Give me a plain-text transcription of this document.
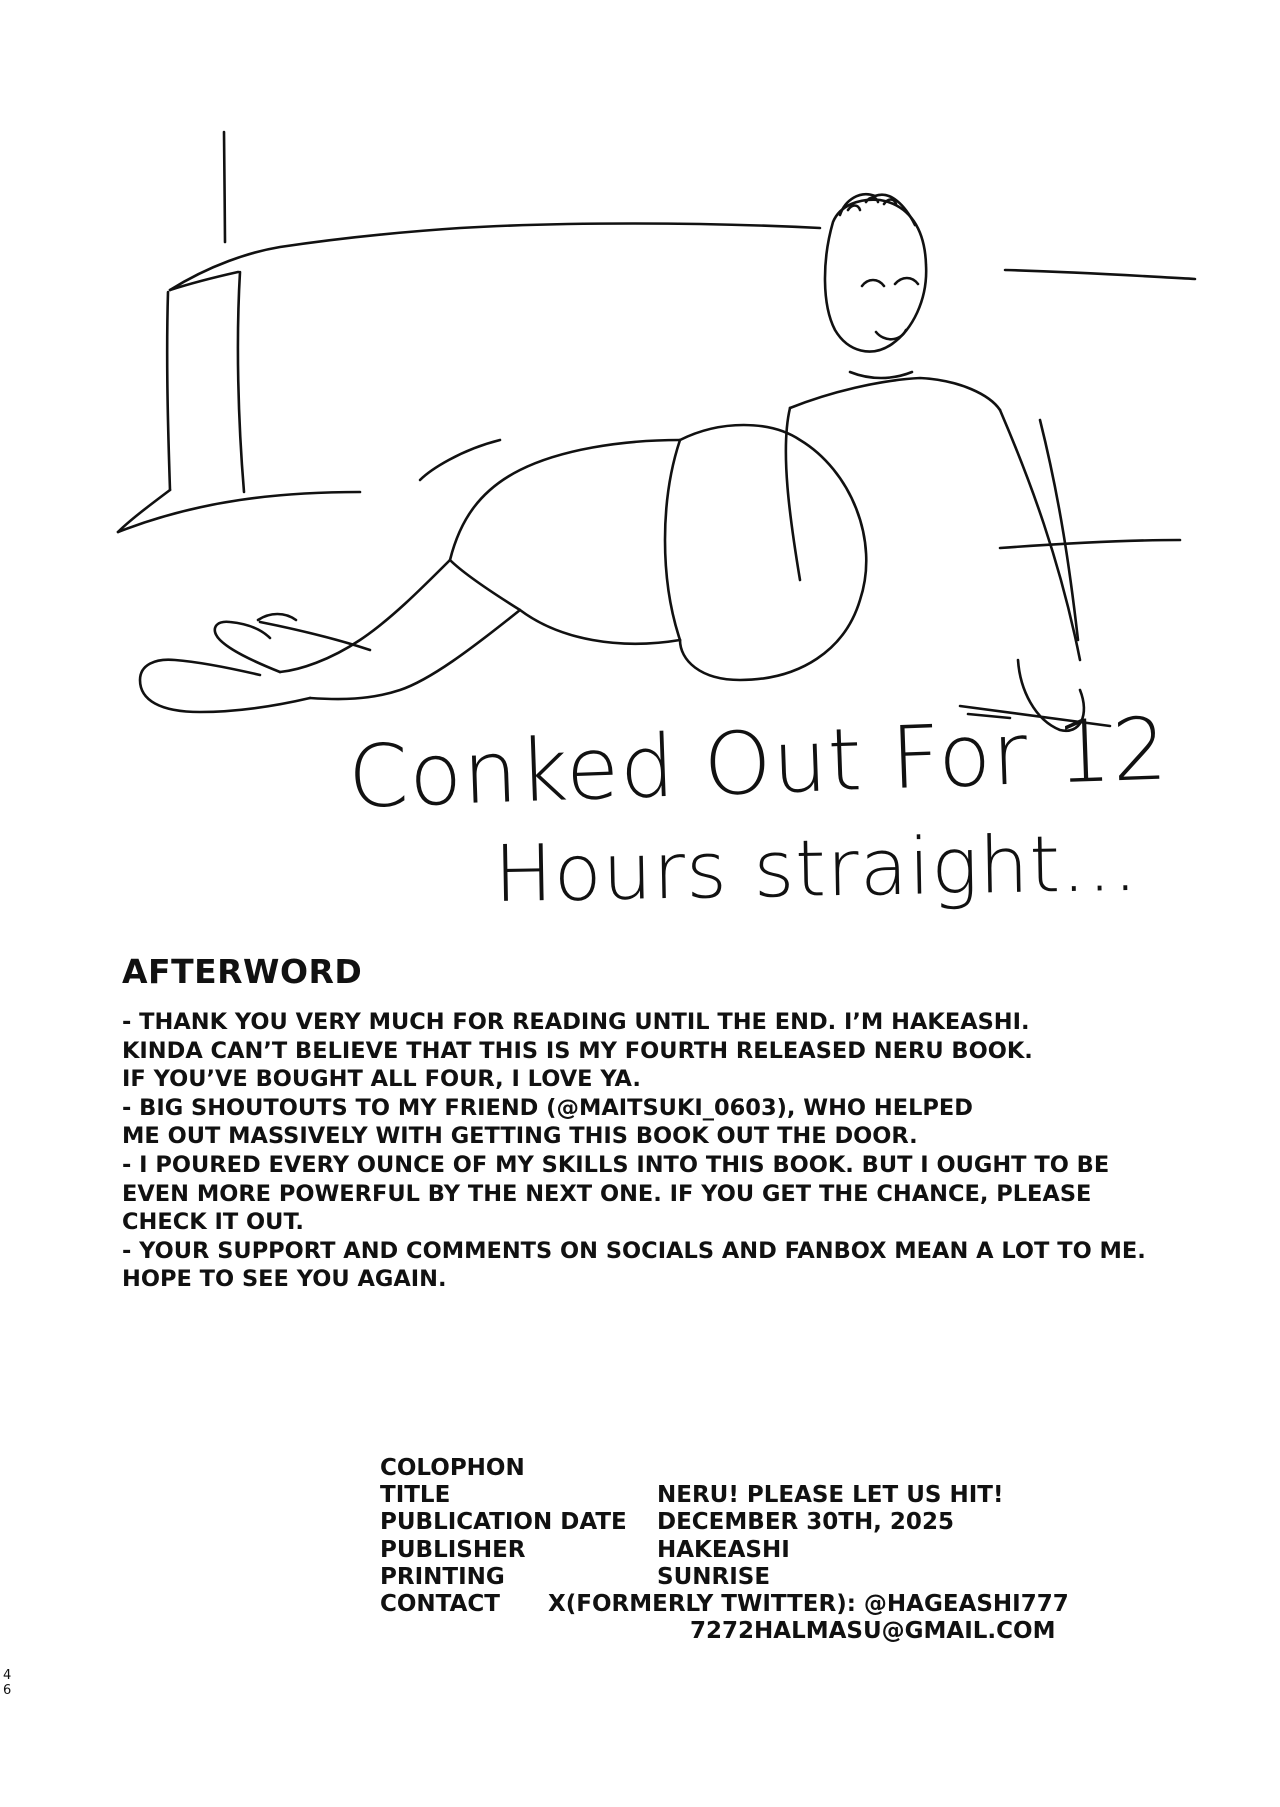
Conked Out For 12
Hours straight...
AFTERWORD
- THANK YOU VERY MUCH FOR READING UNTIL THE END. I’M HAKEASHI.
KINDA CAN’T BELIEVE THAT THIS IS MY FOURTH RELEASED NERU BOOK.
IF YOU’VE BOUGHT ALL FOUR, I LOVE YA.
- BIG SHOUTOUTS TO MY FRIEND (@MAITSUKI_0603), WHO HELPED
ME OUT MASSIVELY WITH GETTING THIS BOOK OUT THE DOOR.
- I POURED EVERY OUNCE OF MY SKILLS INTO THIS BOOK. BUT I OUGHT TO BE
EVEN MORE POWERFUL BY THE NEXT ONE. IF YOU GET THE CHANCE, PLEASE
CHECK IT OUT.
- YOUR SUPPORT AND COMMENTS ON SOCIALS AND FANBOX MEAN A LOT TO ME.
HOPE TO SEE YOU AGAIN.
COLOPHON
TITLE	NERU! PLEASE LET US HIT!
PUBLICATION DATE	DECEMBER 30TH, 2025
PUBLISHER	HAKEASHI
PRINTING	SUNRISE
CONTACT X(FORMERLY TWITTER): @HAGEASHI777
7272HALMASU@GMAIL.COM
46
